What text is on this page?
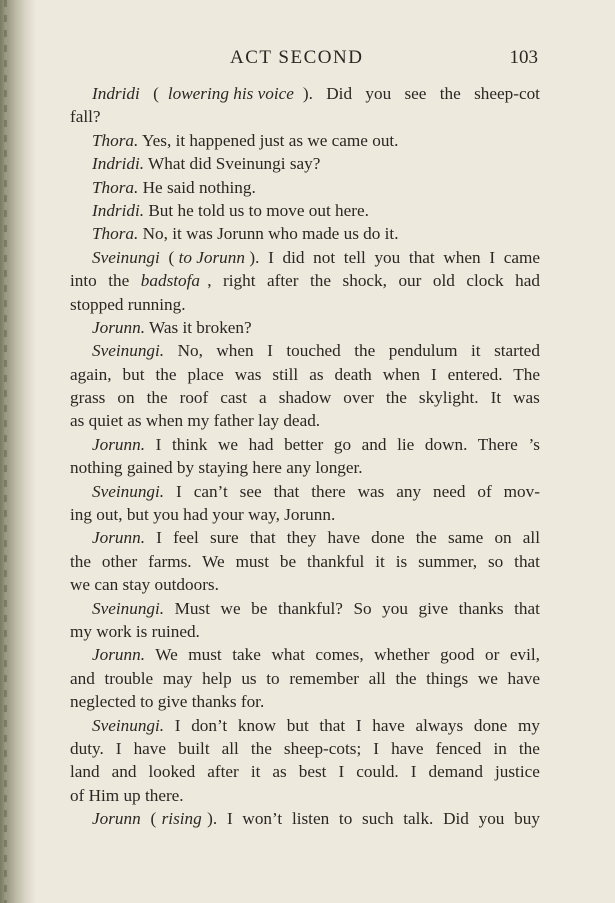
ACT SECOND	103
Indridi ( lowering his voice ). Did you see the sheep-cot
fall?
Thora. Yes, it happened just as we came out.
Indridi. What did Sveinungi say?
Thora. He said nothing.
Indridi. But he told us to move out here.
Thora. No, it was Jorunn who made us do it.
Sveinungi ( to Jorunn ). I did not tell you that when I came
into the badstofa , right after the shock, our old clock had
stopped running.
Jorunn. Was it broken?
Sveinungi. No, when I touched the pendulum it started
again, but the place was still as death when I entered. The
grass on the roof cast a shadow over the skylight. It was
as quiet as when my father lay dead.
Jorunn. I think we had better go and lie down. There ’s
nothing gained by staying here any longer.
Sveinungi. I can’t see that there was any need of mov-
ing out, but you had your way, Jorunn.
Jorunn. I feel sure that they have done the same on all
the other farms. We must be thankful it is summer, so that
we can stay outdoors.
Sveinungi. Must we be thankful? So you give thanks that
my work is ruined.
Jorunn. We must take what comes, whether good or evil,
and trouble may help us to remember all the things we have
neglected to give thanks for.
Sveinungi. I don’t know but that I have always done my
duty. I have built all the sheep-cots; I have fenced in the
land and looked after it as best I could. I demand justice
of Him up there.
Jorunn ( rising ). I won’t listen to such talk. Did you buy
